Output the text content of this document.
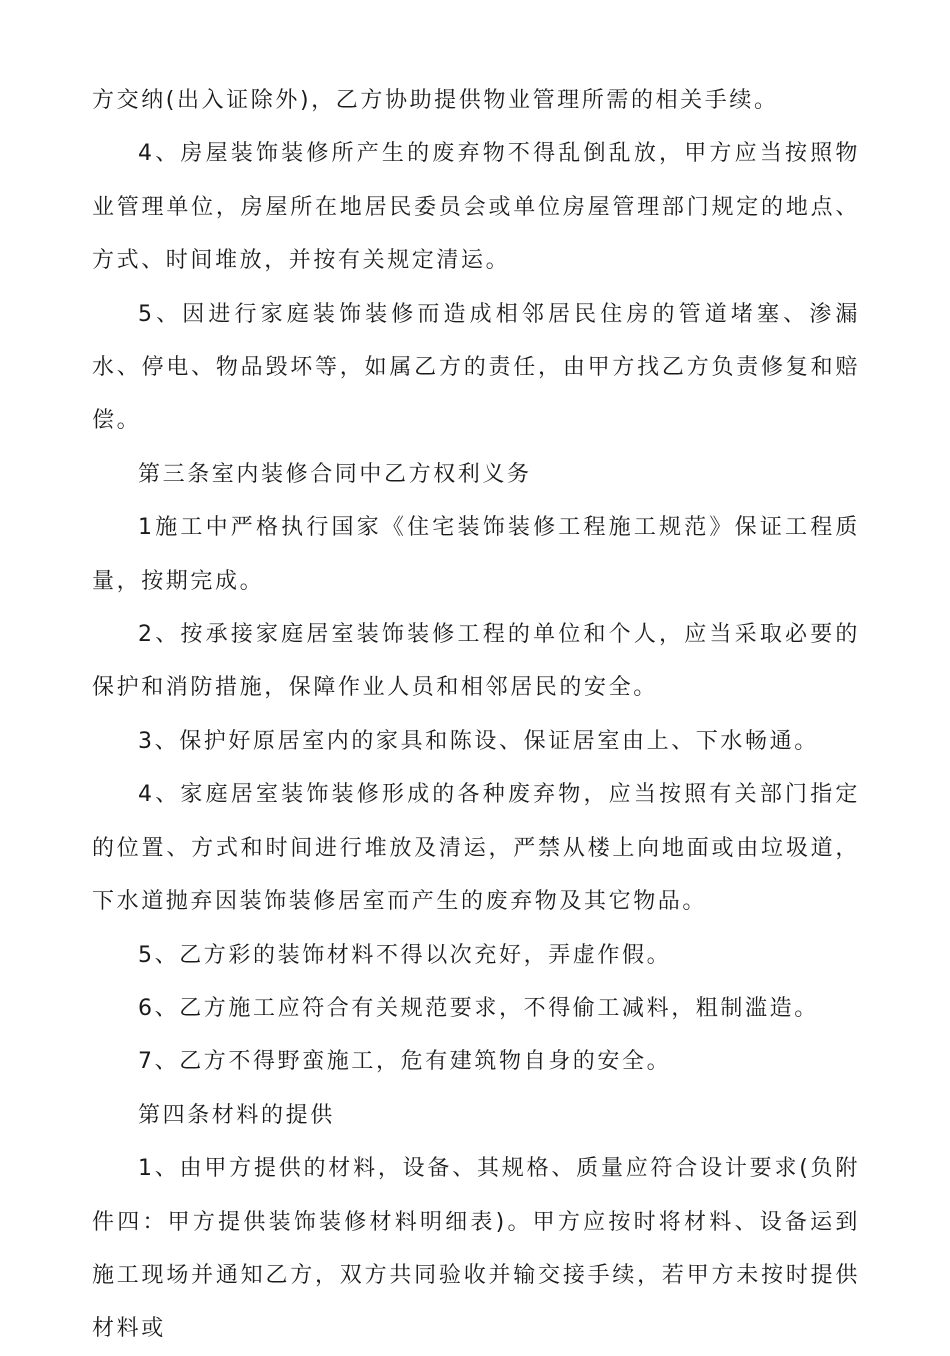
方交纳(出入证除外)，乙方协助提供物业管理所需的相关手续。

4、房屋装饰装修所产生的废弃物不得乱倒乱放，甲方应当按照物业管理单位，房屋所在地居民委员会或单位房屋管理部门规定的地点、方式、时间堆放，并按有关规定清运。

5、因进行家庭装饰装修而造成相邻居民住房的管道堵塞、渗漏水、停电、物品毁坏等，如属乙方的责任，由甲方找乙方负责修复和赔偿。

第三条室内装修合同中乙方权利义务

1施工中严格执行国家《住宅装饰装修工程施工规范》保证工程质量，按期完成。

2、按承接家庭居室装饰装修工程的单位和个人，应当采取必要的保护和消防措施，保障作业人员和相邻居民的安全。

3、保护好原居室内的家具和陈设、保证居室由上、下水畅通。

4、家庭居室装饰装修形成的各种废弃物，应当按照有关部门指定的位置、方式和时间进行堆放及清运，严禁从楼上向地面或由垃圾道，下水道抛弃因装饰装修居室而产生的废弃物及其它物品。

5、乙方彩的装饰材料不得以次充好，弄虚作假。

6、乙方施工应符合有关规范要求，不得偷工减料，粗制滥造。

7、乙方不得野蛮施工，危有建筑物自身的安全。

第四条材料的提供

1、由甲方提供的材料，设备、其规格、质量应符合设计要求(负附件四：甲方提供装饰装修材料明细表)。甲方应按时将材料、设备运到施工现场并通知乙方，双方共同验收并输交接手续，若甲方未按时提供材料或
